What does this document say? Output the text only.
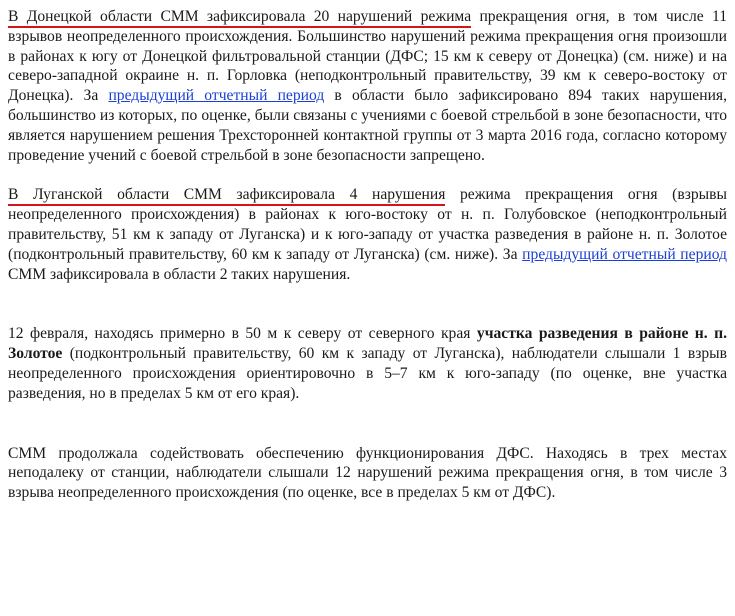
В Донецкой области СММ зафиксировала 20 нарушений режима прекращения огня, в том числе 11 взрывов неопределенного происхождения. Большинство нарушений режима прекращения огня произошли в районах к югу от Донецкой фильтровальной станции (ДФС; 15 км к северу от Донецка) (см. ниже) и на северо-западной окраине н. п. Горловка (неподконтрольный правительству, 39 км к северо-востоку от Донецка). За предыдущий отчетный период в области было зафиксировано 894 таких нарушения, большинство из которых, по оценке, были связаны с учениями с боевой стрельбой в зоне безопасности, что является нарушением решения Трехсторонней контактной группы от 3 марта 2016 года, согласно которому проведение учений с боевой стрельбой в зоне безопасности запрещено.

В Луганской области СММ зафиксировала 4 нарушения режима прекращения огня (взрывы неопределенного происхождения) в районах к юго-востоку от н. п. Голубовское (неподконтрольный правительству, 51 км к западу от Луганска) и к юго-западу от участка разведения в районе н. п. Золотое (подконтрольный правительству, 60 км к западу от Луганска) (см. ниже). За предыдущий отчетный период СММ зафиксировала в области 2 таких нарушения.

12 февраля, находясь примерно в 50 м к северу от северного края участка разведения в районе н. п. Золотое (подконтрольный правительству, 60 км к западу от Луганска), наблюдатели слышали 1 взрыв неопределенного происхождения ориентировочно в 5–7 км к юго-западу (по оценке, вне участка разведения, но в пределах 5 км от его края).

СММ продолжала содействовать обеспечению функционирования ДФС. Находясь в трех местах неподалеку от станции, наблюдатели слышали 12 нарушений режима прекращения огня, в том числе 3 взрыва неопределенного происхождения (по оценке, все в пределах 5 км от ДФС).
